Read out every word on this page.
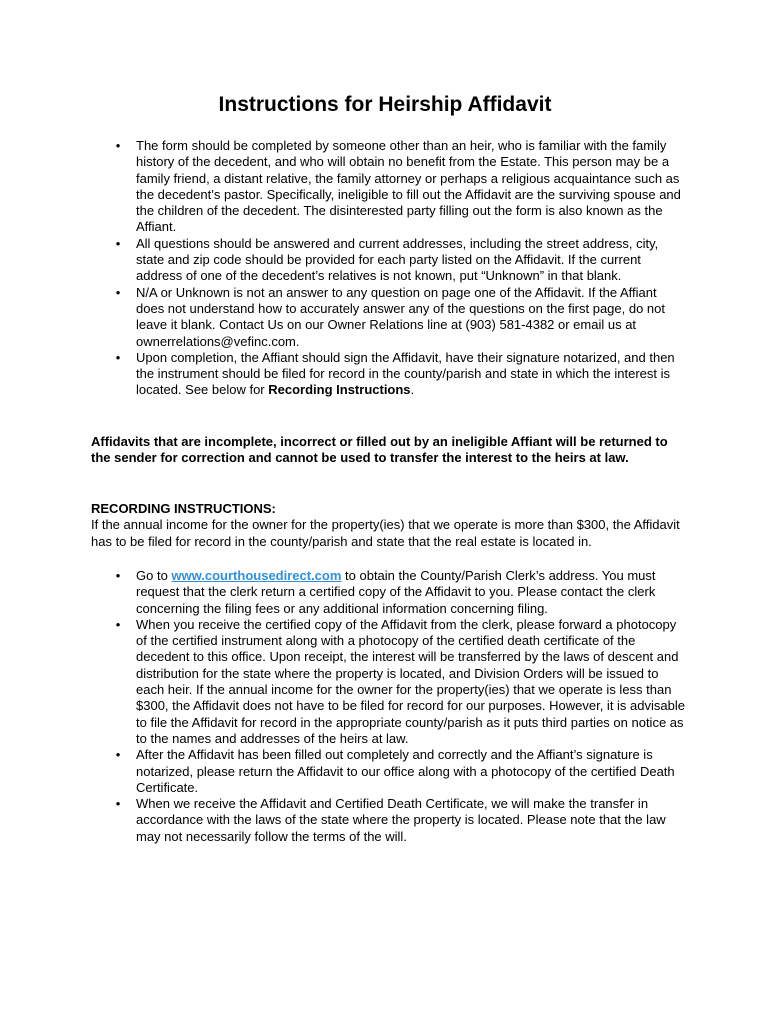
Instructions for Heirship Affidavit
• The form should be completed by someone other than an heir, who is familiar with the family history of the decedent, and who will obtain no benefit from the Estate. This person may be a family friend, a distant relative, the family attorney or perhaps a religious acquaintance such as the decedent’s pastor. Specifically, ineligible to fill out the Affidavit are the surviving spouse and the children of the decedent. The disinterested party filling out the form is also known as the Affiant.
• All questions should be answered and current addresses, including the street address, city, state and zip code should be provided for each party listed on the Affidavit. If the current address of one of the decedent’s relatives is not known, put “Unknown” in that blank.
• N/A or Unknown is not an answer to any question on page one of the Affidavit. If the Affiant does not understand how to accurately answer any of the questions on the first page, do not leave it blank. Contact Us on our Owner Relations line at (903) 581-4382 or email us at ownerrelations@vefinc.com.
• Upon completion, the Affiant should sign the Affidavit, have their signature notarized, and then the instrument should be filed for record in the county/parish and state in which the interest is located. See below for Recording Instructions.

Affidavits that are incomplete, incorrect or filled out by an ineligible Affiant will be returned to the sender for correction and cannot be used to transfer the interest to the heirs at law.

RECORDING INSTRUCTIONS:
If the annual income for the owner for the property(ies) that we operate is more than $300, the Affidavit has to be filed for record in the county/parish and state that the real estate is located in.
• Go to www.courthousedirect.com to obtain the County/Parish Clerk’s address. You must request that the clerk return a certified copy of the Affidavit to you. Please contact the clerk concerning the filing fees or any additional information concerning filing.
• When you receive the certified copy of the Affidavit from the clerk, please forward a photocopy of the certified instrument along with a photocopy of the certified death certificate of the decedent to this office. Upon receipt, the interest will be transferred by the laws of descent and distribution for the state where the property is located, and Division Orders will be issued to each heir. If the annual income for the owner for the property(ies) that we operate is less than $300, the Affidavit does not have to be filed for record for our purposes. However, it is advisable to file the Affidavit for record in the appropriate county/parish as it puts third parties on notice as to the names and addresses of the heirs at law.
• After the Affidavit has been filled out completely and correctly and the Affiant’s signature is notarized, please return the Affidavit to our office along with a photocopy of the certified Death Certificate.
• When we receive the Affidavit and Certified Death Certificate, we will make the transfer in accordance with the laws of the state where the property is located. Please note that the law may not necessarily follow the terms of the will.
